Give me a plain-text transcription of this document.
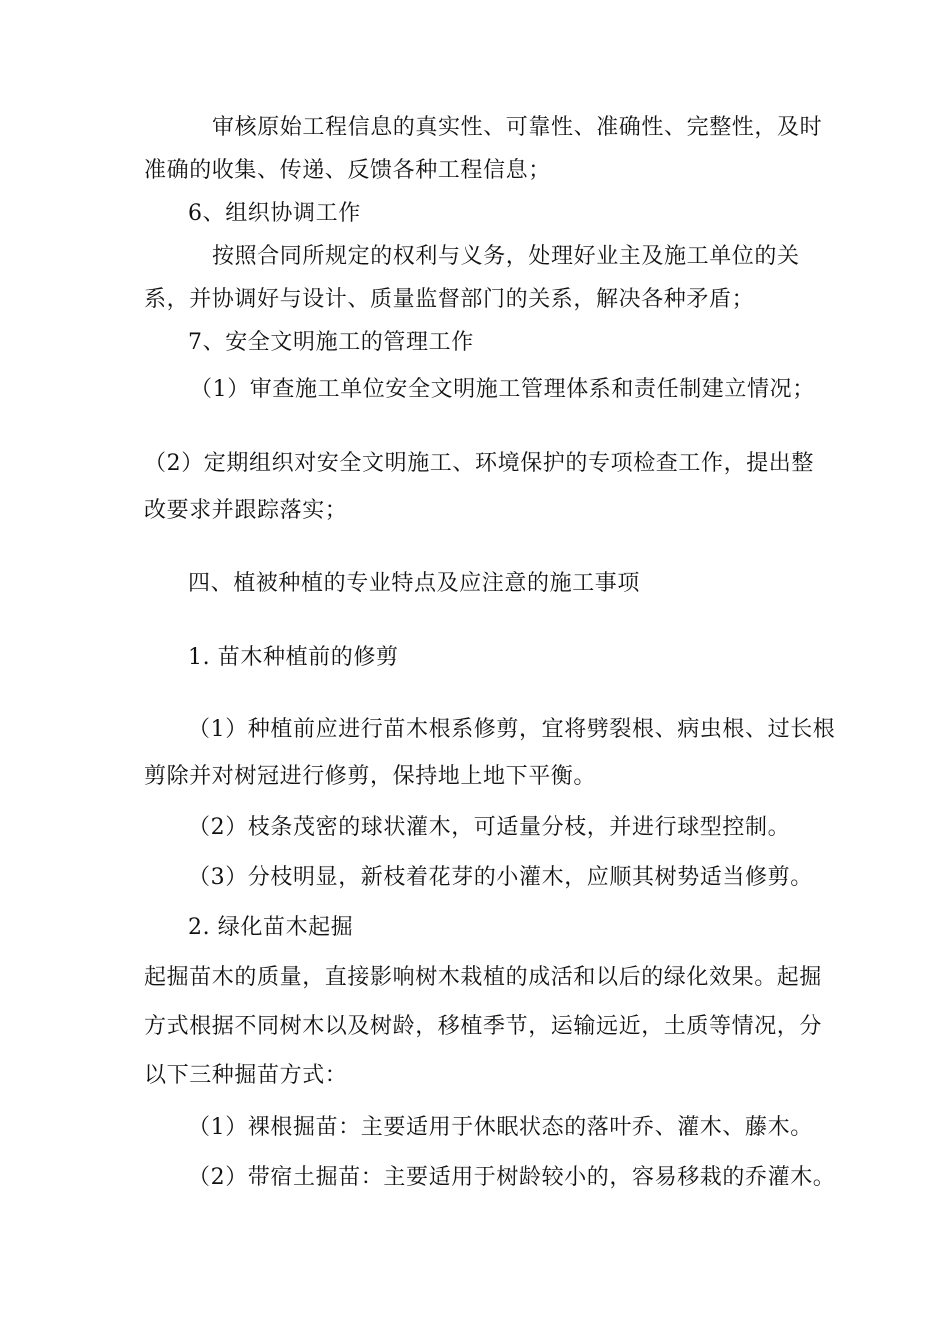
审核原始工程信息的真实性、可靠性、准确性、完整性，及时
准确的收集、传递、反馈各种工程信息；
6、组织协调工作
按照合同所规定的权利与义务，处理好业主及施工单位的关
系，并协调好与设计、质量监督部门的关系，解决各种矛盾；
7、安全文明施工的管理工作
（1）审查施工单位安全文明施工管理体系和责任制建立情况；
（2）定期组织对安全文明施工、环境保护的专项检查工作，提出整
改要求并跟踪落实；
四、植被种植的专业特点及应注意的施工事项
1. 苗木种植前的修剪
（1）种植前应进行苗木根系修剪，宜将劈裂根、病虫根、过长根
剪除并对树冠进行修剪，保持地上地下平衡。
（2）枝条茂密的球状灌木，可适量分枝，并进行球型控制。
（3）分枝明显，新枝着花芽的小灌木，应顺其树势适当修剪。
2. 绿化苗木起掘
起掘苗木的质量，直接影响树木栽植的成活和以后的绿化效果。起掘
方式根据不同树木以及树龄，移植季节，运输远近，土质等情况，分
以下三种掘苗方式：
（1）裸根掘苗：主要适用于休眠状态的落叶乔、灌木、藤木。
（2）带宿土掘苗：主要适用于树龄较小的，容易移栽的乔灌木。
